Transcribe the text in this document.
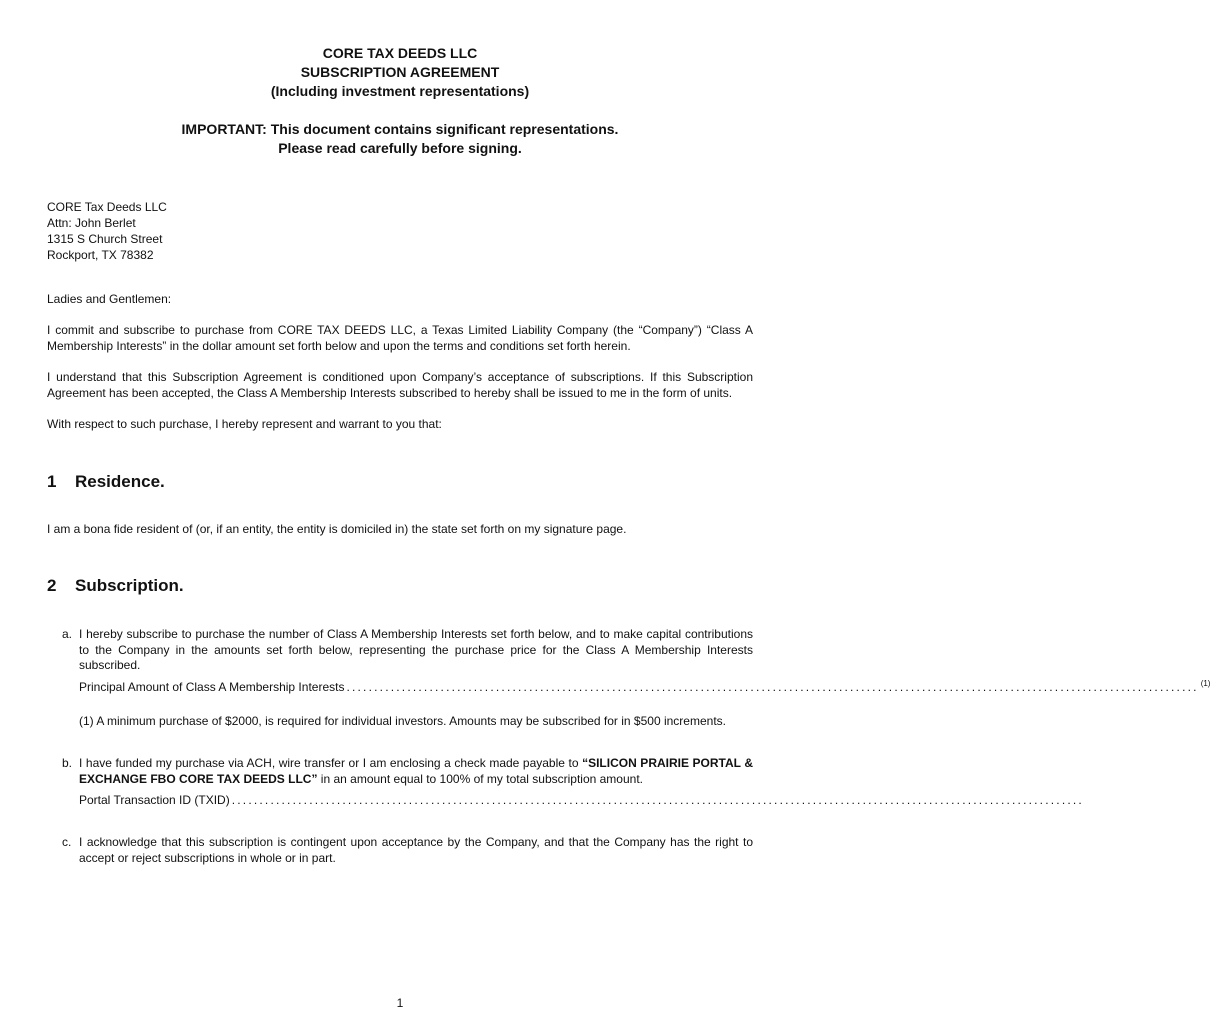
CORE TAX DEEDS LLC
SUBSCRIPTION AGREEMENT
(Including investment representations)
IMPORTANT: This document contains significant representations.
Please read carefully before signing.
CORE Tax Deeds LLC
Attn: John Berlet
1315 S Church Street
Rockport, TX 78382
Ladies and Gentlemen:
I commit and subscribe to purchase from CORE TAX DEEDS LLC, a Texas Limited Liability Company (the “Company”) “Class A Membership Interests” in the dollar amount set forth below and upon the terms and conditions set forth herein.
I understand that this Subscription Agreement is conditioned upon Company’s acceptance of subscriptions. If this Subscription Agreement has been accepted, the Class A Membership Interests subscribed to hereby shall be issued to me in the form of units.
With respect to such purchase, I hereby represent and warrant to you that:
1 Residence.
I am a bona fide resident of (or, if an entity, the entity is domiciled in) the state set forth on my signature page.
2 Subscription.
a. I hereby subscribe to purchase the number of Class A Membership Interests set forth below, and to make capital contributions to the Company in the amounts set forth below, representing the purchase price for the Class A Membership Interests subscribed.
Principal Amount of Class A Membership Interests .......................................................................................................................................................... (1)
(1) A minimum purchase of $2000, is required for individual investors. Amounts may be subscribed for in $500 increments.
b. I have funded my purchase via ACH, wire transfer or I am enclosing a check made payable to “SILICON PRAIRIE PORTAL & EXCHANGE FBO CORE TAX DEEDS LLC” in an amount equal to 100% of my total subscription amount.
Portal Transaction ID (TXID) ..........................................................................................................................................................
c. I acknowledge that this subscription is contingent upon acceptance by the Company, and that the Company has the right to accept or reject subscriptions in whole or in part.
1
